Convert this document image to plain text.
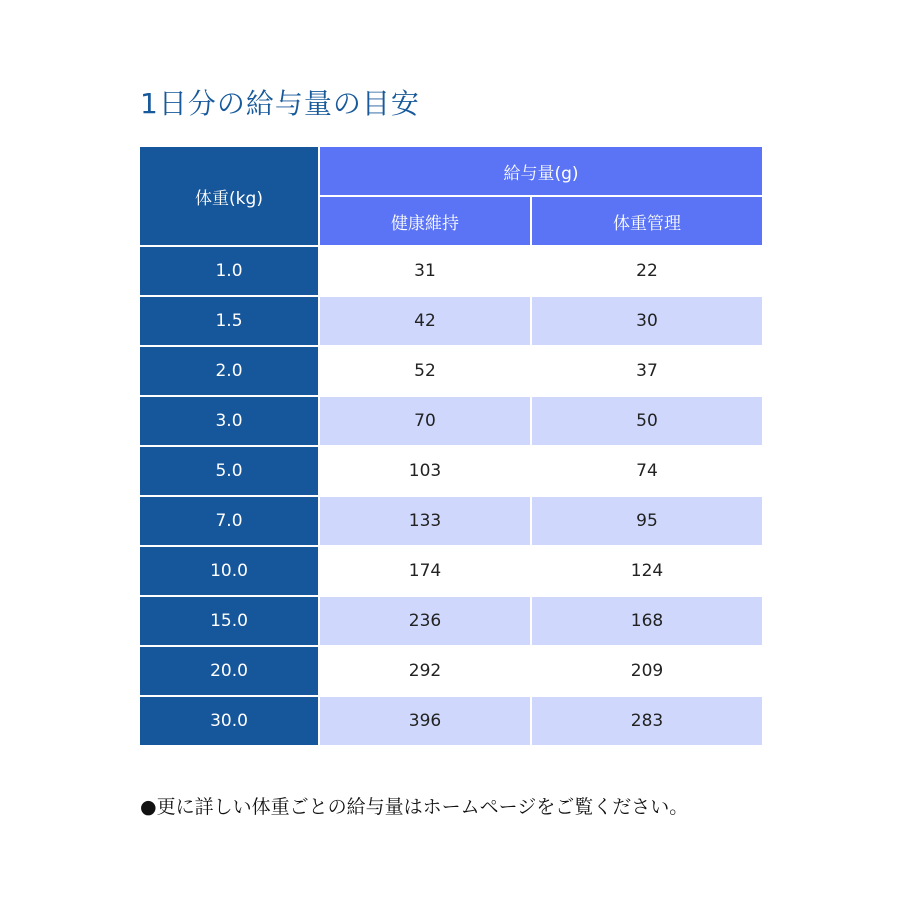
1日分の給与量の目安
体重(kg)	給与量(g)	
	健康維持	体重管理
1.0	31	22
1.5	42	30
2.0	52	37
3.0	70	50
5.0	103	74
7.0	133	95
10.0	174	124
15.0	236	168
20.0	292	209
30.0	396	283
●更に詳しい体重ごとの給与量はホームページをご覧ください。
